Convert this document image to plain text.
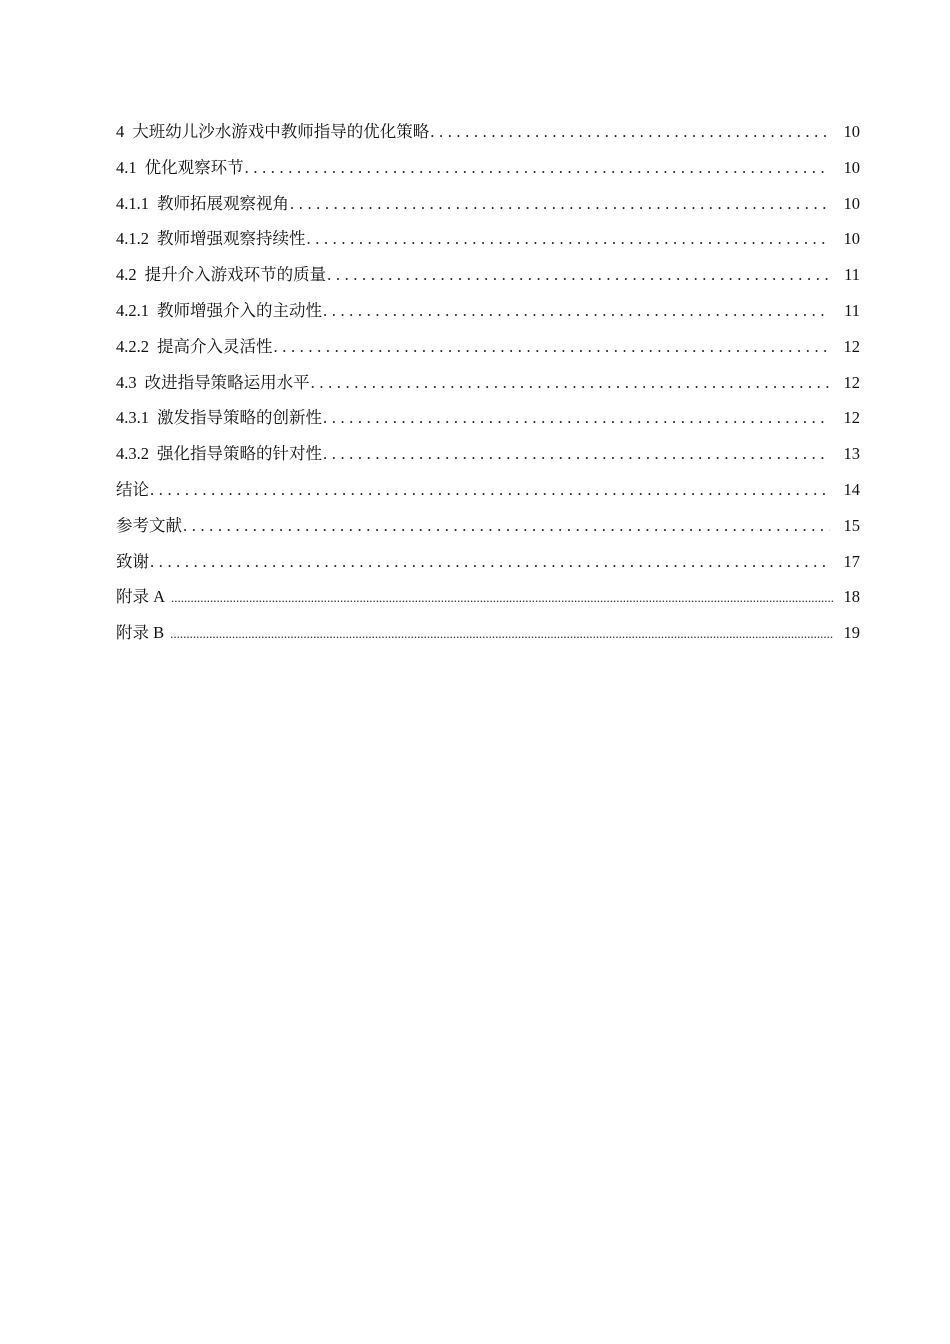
4 大班幼儿沙水游戏中教师指导的优化策略 .....	10
4.1 优化观察环节 .....	10
4.1.1 教师拓展观察视角 .....	10
4.1.2 教师增强观察持续性 .....	10
4.2 提升介入游戏环节的质量 .....	11
4.2.1 教师增强介入的主动性 .....	11
4.2.2 提高介入灵活性 .....	12
4.3 改进指导策略运用水平 .....	12
4.3.1 激发指导策略的创新性 .....	12
4.3.2 强化指导策略的针对性 .....	13
结论 .....	14
参考文献 .....	15
致谢 .....	17
附录 A .....	18
附录 B .....	19
